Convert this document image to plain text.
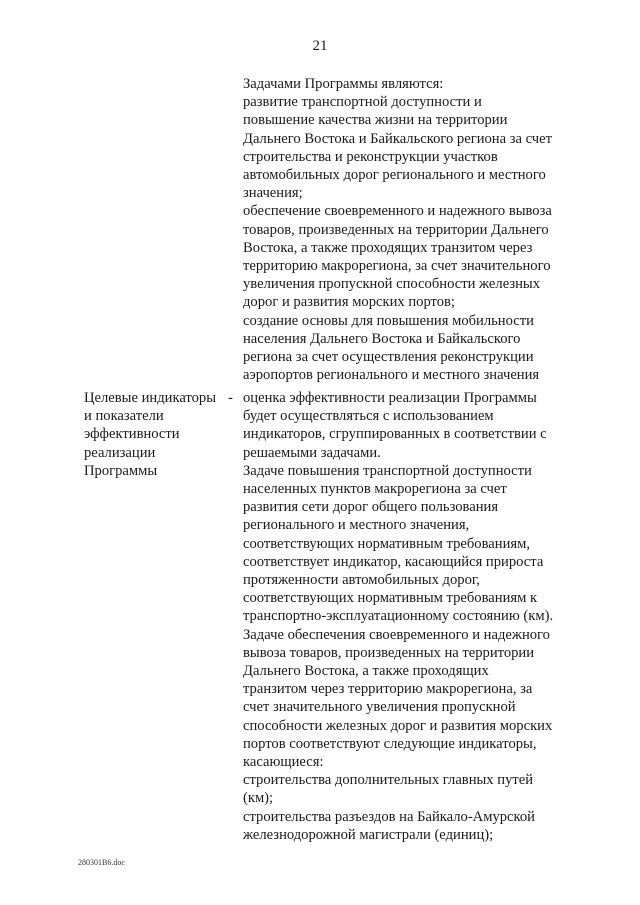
21
Задачами Программы являются:
развитие транспортной доступности и
повышение качества жизни на территории
Дальнего Востока и Байкальского региона за счет
строительства и реконструкции участков
автомобильных дорог регионального и местного
значения;
обеспечение своевременного и надежного вывоза
товаров, произведенных на территории Дальнего
Востока, а также проходящих транзитом через
территорию макрорегиона, за счет значительного
увеличения пропускной способности железных
дорог и развития морских портов;
создание основы для повышения мобильности
населения Дальнего Востока и Байкальского
региона за счет осуществления реконструкции
аэропортов регионального и местного значения
Целевые индикаторы
и показатели
эффективности
реализации
Программы
- оценка эффективности реализации Программы
будет осуществляться с использованием
индикаторов, сгруппированных в соответствии с
решаемыми задачами.
Задаче повышения транспортной доступности
населенных пунктов макрорегиона за счет
развития сети дорог общего пользования
регионального и местного значения,
соответствующих нормативным требованиям,
соответствует индикатор, касающийся прироста
протяженности автомобильных дорог,
соответствующих нормативным требованиям к
транспортно-эксплуатационному состоянию (км).
Задаче обеспечения своевременного и надежного
вывоза товаров, произведенных на территории
Дальнего Востока, а также проходящих
транзитом через территорию макрорегиона, за
счет значительного увеличения пропускной
способности железных дорог и развития морских
портов соответствуют следующие индикаторы,
касающиеся:
строительства дополнительных главных путей
(км);
строительства разъездов на Байкало-Амурской
железнодорожной магистрали (единиц);
280301В6.doc
